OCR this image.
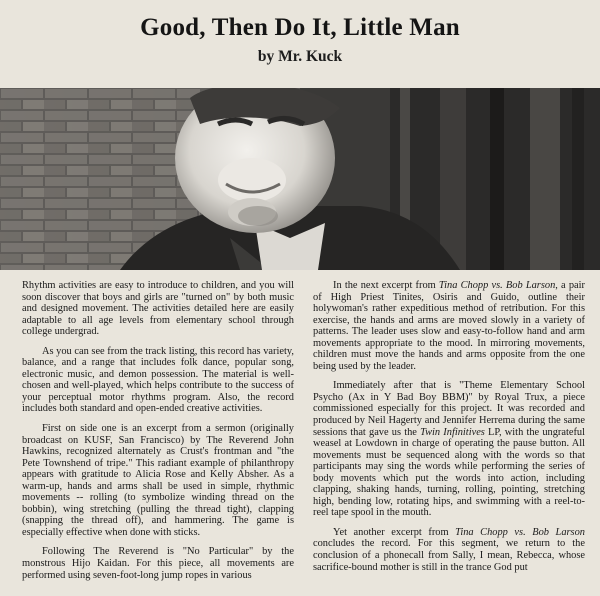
Good, Then Do It, Little Man
by Mr. Kuck

Rhythm activities are easy to introduce to children, and you will soon discover that boys and girls are "turned on" by both music and designed movement. The activities detailed here are easily adaptable to all age levels from elementary school through college undergrad.

As you can see from the track listing, this record has variety, balance, and a range that includes folk dance, popular song, electronic music, and demon possession. The material is well-chosen and well-played, which helps contribute to the success of your perceptual motor rhythms program. Also, the record includes both standard and open-ended creative activities.

First on side one is an excerpt from a sermon (originally broadcast on KUSF, San Francisco) by The Reverend John Hawkins, recognized alternately as Crust's frontman and "the Pete Townshend of tripe." This radiant example of philanthropy appears with gratitude to Alicia Rose and Kelly Absher. As a warm-up, hands and arms shall be used in simple, rhythmic movements -- rolling (to symbolize winding thread on the bobbin), wing stretching (pulling the thread tight), clapping (snapping the thread off), and hammering. The game is especially effective when done with sticks.

Following The Reverend is "No Particular" by the monstrous Hijo Kaidan. For this piece, all movements are performed using seven-foot-long jump ropes in various

In the next excerpt from Tina Chopp vs. Bob Larson, a pair of High Priest Tinites, Osiris and Guido, outline their holywoman's rather expeditious method of retribution. For this exercise, the hands and arms are moved slowly in a variety of patterns. The leader uses slow and easy-to-follow hand and arm movements appropriate to the mood. In mirroring movements, children must move the hands and arms opposite from the one being used by the leader.

Immediately after that is "Theme Elementary School Psycho (Ax in Y Bad Boy BBM)" by Royal Trux, a piece commissioned especially for this project. It was recorded and produced by Neil Hagerty and Jennifer Herrema during the same sessions that gave us the Twin Infinitives LP, with the ungrateful weasel at Lowdown in charge of operating the pause button. All movements must be sequenced along with the words so that participants may sing the words while performing the series of body movents which put the words into action, including clapping, shaking hands, turning, rolling, pointing, stretching high, bending low, rotating hips, and swimming with a reel-to-reel tape spool in the mouth.

Yet another excerpt from Tina Chopp vs. Bob Larson concludes the record. For this segment, we return to the conclusion of a phonecall from Sally, I mean, Rebecca, whose sacrifice-bound mother is still in the trance God put
